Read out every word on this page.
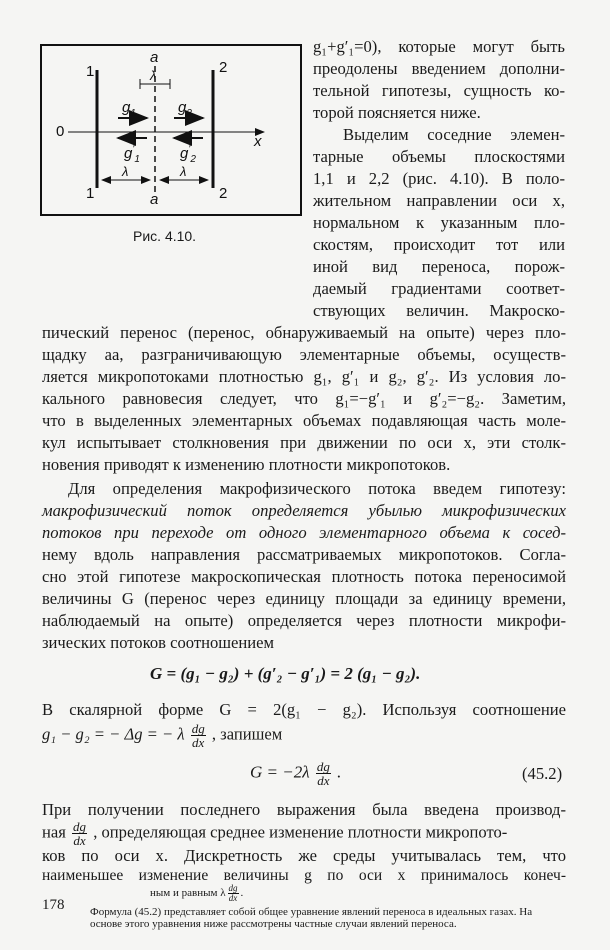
a
λ
1	2
0
x
$g_1$	$g_2$
$g'_1$	$g'_2$
λ	λ
1	a	2
Рис. 4.10.
g₁+g′₁=0), которые могут быть
преодолены введением дополни-
тельной гипотезы, сущность ко-
торой поясняется ниже.
Выделим соседние элемен-
тарные объемы плоскостями
1,1 и 2,2 (рис. 4.10). В поло-
жительном направлении оси x,
нормальном к указанным пло-
скостям, происходит тот или
иной вид переноса, порож-
даемый градиентами соответ-
ствующих величин. Макроско-
пический перенос (перенос, обнаруживаемый на опыте) через пло-
щадку aa, разграничивающую элементарные объемы, осуществ-
ляется микропотоками плотностью g₁, g′₁ и g₂, g′₂. Из условия ло-
кального равновесия следует, что g₁=−g′₁ и g′₂=−g₂. Заметим,
что в выделенных элементарных объемах подавляющая часть моле-
кул испытывает столкновения при движении по оси x, эти столк-
новения приводят к изменению плотности микропотоков.
Для определения макрофизического потока введем гипотезу:
макрофизический поток определяется убылью микрофизических
потоков при переходе от одного элементарного объема к сосед-
нему вдоль направления рассматриваемых микропотоков. Согла-
сно этой гипотезе макроскопическая плотность потока переносимой
величины G (перенос через единицу площади за единицу времени,
наблюдаемый на опыте) определяется через плотности микрофи-
зических потоков соотношением
G = (g₁ − g₂) + (g′₂ − g′₁) = 2 (g₁ − g₂).
В скалярной форме G = 2(g₁ − g₂). Используя соотношение
g₁ − g₂ = − Δg = − λ $\frac{dg}{dx}$ , запишем
$G = -2\lambda \frac{dg}{dx}$ .	(45.2)
При получении последнего выражения была введена производ-
ная $\frac{dg}{dx}$ , определяющая среднее изменение плотности микропото-
ков по оси x. Дискретность же среды учитывалась тем, что
наименьшее изменение величины g по оси x принималось конеч-
178
ным и равным λ $\frac{dg}{dx}$ .
Формула (45.2) представляет собой общее уравнение явлений переноса в идеальных газах. На основе этого уравнения ниже рассмотрены частные случаи явлений переноса.
